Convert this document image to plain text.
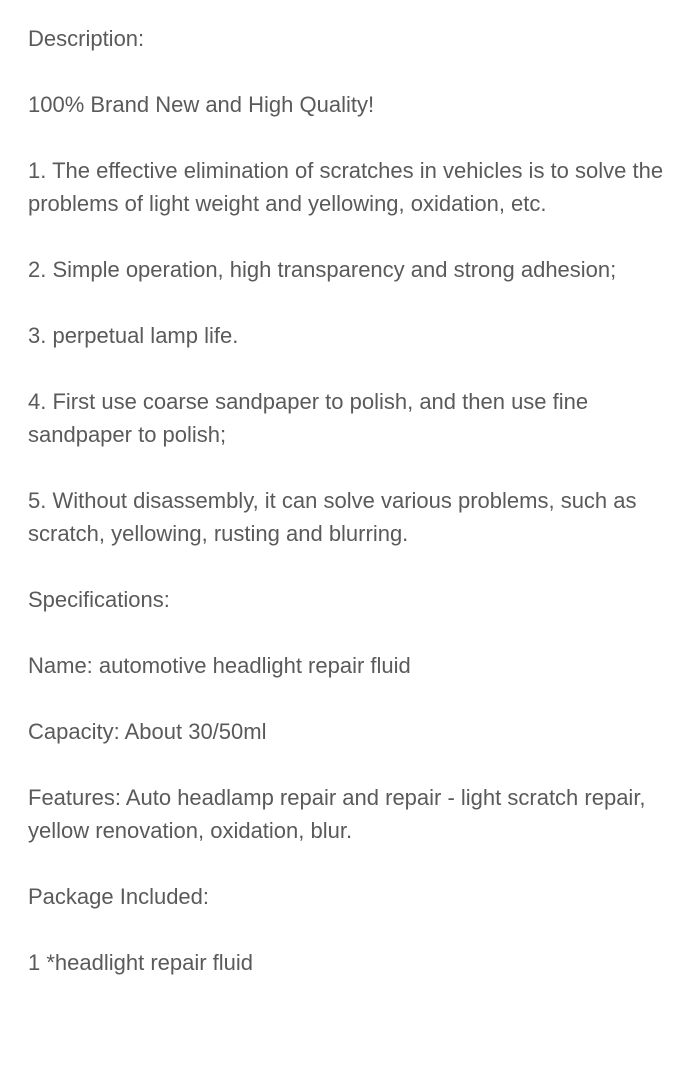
Description:

100% Brand New and High Quality!

1. The effective elimination of scratches in vehicles is to solve the problems of light weight and yellowing, oxidation, etc.

2. Simple operation, high transparency and strong adhesion;

3. perpetual lamp life.

4. First use coarse sandpaper to polish, and then use fine sandpaper to polish;

5. Without disassembly, it can solve various problems, such as scratch, yellowing, rusting and blurring.

Specifications:

Name: automotive headlight repair fluid

Capacity: About 30/50ml

Features: Auto headlamp repair and repair - light scratch repair, yellow renovation, oxidation, blur.

Package Included:

1 *headlight repair fluid
